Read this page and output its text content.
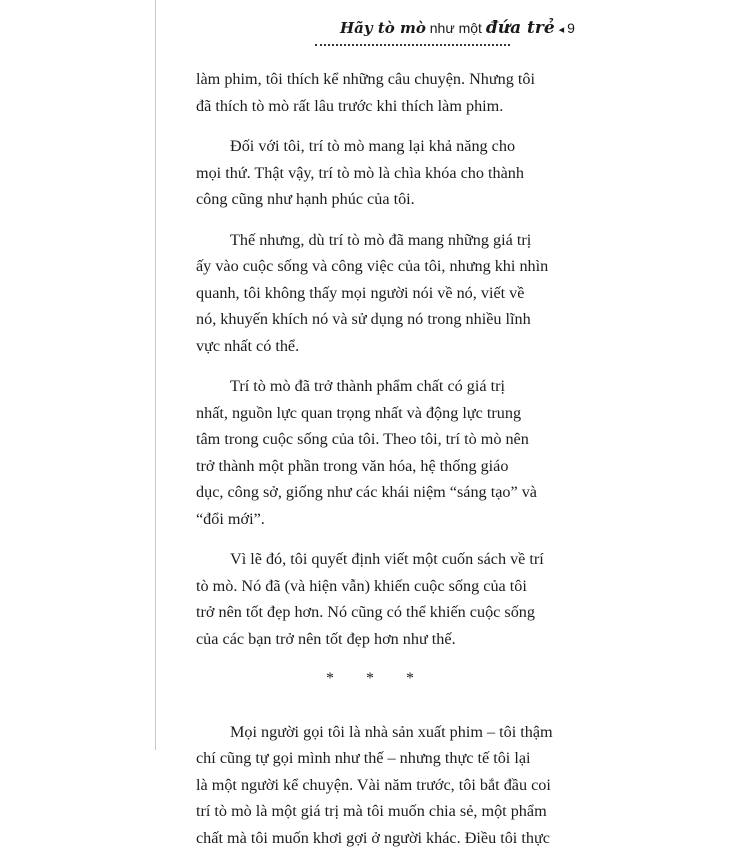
Hãy tò mò như một đứa trẻ ◂ 9

làm phim, tôi thích kể những câu chuyện. Nhưng tôi
đã thích tò mò rất lâu trước khi thích làm phim.

Đối với tôi, trí tò mò mang lại khả năng cho
mọi thứ. Thật vậy, trí tò mò là chìa khóa cho thành
công cũng như hạnh phúc của tôi.

Thế nhưng, dù trí tò mò đã mang những giá trị
ấy vào cuộc sống và công việc của tôi, nhưng khi nhìn
quanh, tôi không thấy mọi người nói về nó, viết về
nó, khuyến khích nó và sử dụng nó trong nhiều lĩnh
vực nhất có thể.

Trí tò mò đã trở thành phẩm chất có giá trị
nhất, nguồn lực quan trọng nhất và động lực trung
tâm trong cuộc sống của tôi. Theo tôi, trí tò mò nên
trở thành một phần trong văn hóa, hệ thống giáo
dục, công sở, giống như các khái niệm “sáng tạo” và
“đổi mới”.

Vì lẽ đó, tôi quyết định viết một cuốn sách về trí
tò mò. Nó đã (và hiện vẫn) khiến cuộc sống của tôi
trở nên tốt đẹp hơn. Nó cũng có thể khiến cuộc sống
của các bạn trở nên tốt đẹp hơn như thế.

* * *

Mọi người gọi tôi là nhà sản xuất phim – tôi thậm
chí cũng tự gọi mình như thế – nhưng thực tế tôi lại
là một người kể chuyện. Vài năm trước, tôi bắt đầu coi
trí tò mò là một giá trị mà tôi muốn chia sẻ, một phẩm
chất mà tôi muốn khơi gợi ở người khác. Điều tôi thực
